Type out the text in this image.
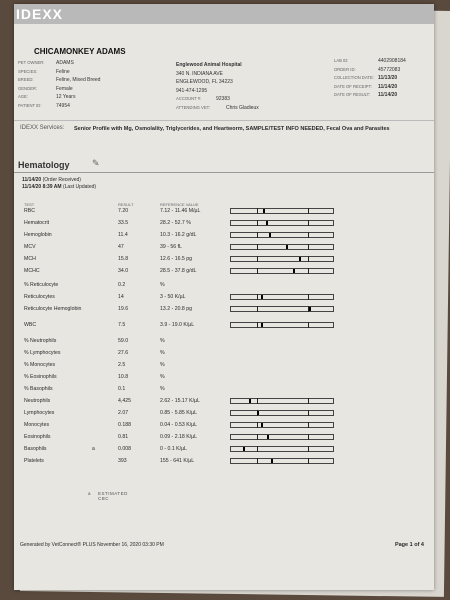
IDEXX
CHICAMONKEY ADAMS
PET OWNER: ADAMS
SPECIES:	Feline
BREED:	Feline, Mixed Breed
GENDER:	Female
AGE:	12 Years
PATIENT ID:	74954
Englewood Animal Hospital
340 N. INDIANA AVE
ENGLEWOOD, FL 34223
941-474-1295
ACCOUNT #:	92383
ATTENDING VET:	Chris Gladieux
LAB ID:	4402908184
ORDER ID:	45772083
COLLECTION DATE: 11/13/20
DATE OF RECEIPT: 11/14/20
DATE OF RESULT: 11/14/20
IDEXX Services: Senior Profile with Mg, Osmolality, Triglycerides, and Heartworm, SAMPLE/TEST INFO NEEDED, Fecal Ova and Parasites
Hematology ✎
11/14/20 (Order Received)
11/14/20 8:39 AM (Last Updated)
TEST	RESULT	REFERENCE VALUE
RBC	7.20	7.12 - 11.46 M/µL
Hematocrit	33.5	28.2 - 52.7 %
Hemoglobin	11.4	10.3 - 16.2 g/dL
MCV	47	39 - 56 fL
MCH	15.8	12.6 - 16.5 pg
MCHC	34.0	28.5 - 37.8 g/dL
% Reticulocyte	0.2	%
Reticulocytes	14	3 - 50 K/µL
Reticulocyte Hemoglobin	19.6	13.2 - 20.8 pg
WBC	7.5	3.9 - 19.0 K/µL
% Neutrophils	59.0	%
% Lymphocytes	27.6	%
% Monocytes	2.5	%
% Eosinophils	10.8	%
% Basophils	0.1	%
Neutrophils	4,425	2.62 - 15.17 K/µL
Lymphocytes	2.07	0.85 - 5.85 K/µL
Monocytes	0.188	0.04 - 0.53 K/µL
Eosinophils	0.81	0.09 - 2.18 K/µL
Basophils	a	0.008	0 - 0.1 K/µL
Platelets	393	155 - 641 K/µL
a ESTIMATED CBC
Generated by VetConnect® PLUS November 16, 2020 03:30 PM	Page 1 of 4
